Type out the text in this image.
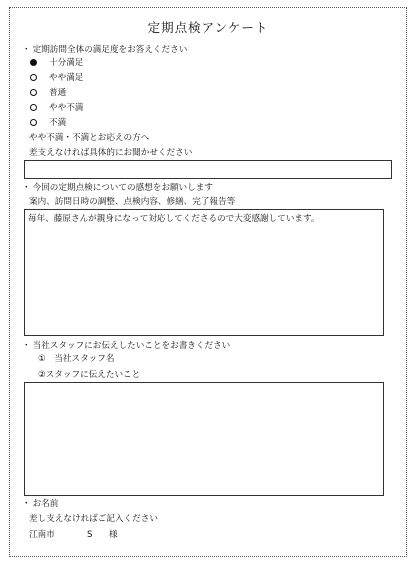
定期点検アンケート
・ 定期訪問全体の満足度をお答えください
十分満足
やや満足
普通
やや不満
不満
やや不満・不満とお応えの方へ
差支えなければ具体的にお聞かせください
・ 今回の定期点検についての感想をお願いします
案内、訪問日時の調整、点検内容、修繕、完了報告等
毎年、藤原さんが親身になって対応してくださるので大変感謝しています。
・ 当社スタッフにお伝えしたいことをお書きください
①　当社スタッフ名
②スタッフに伝えたいこと
・ お名前
差し支えなければご記入ください
江南市	S 様
